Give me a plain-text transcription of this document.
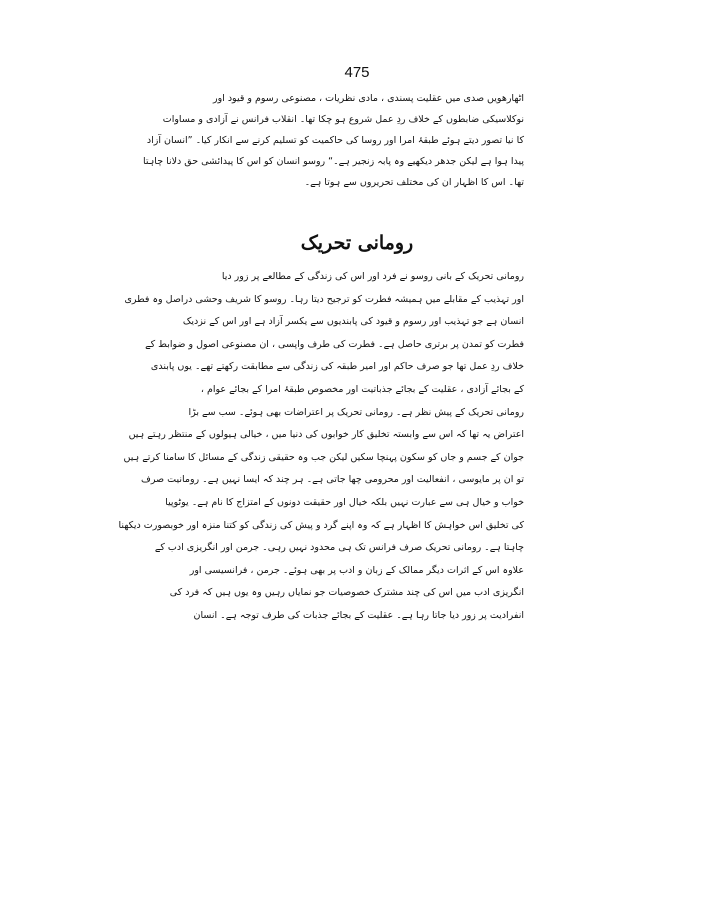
475
اٹھارھویں صدی میں عقلیت پسندی ، مادی نظریات ، مصنوعی رسوم و قیود اور
نوکلاسیکی ضابطوں کے خلاف ردِ عمل شروع ہو چکا تھا۔ انقلاب فرانس نے آزادی و مساوات
کا نیا تصور دیتے ہوئے طبقۂ امرا اور روسا کی حاکمیت کو تسلیم کرنے سے انکار کیا۔ ”انسان آزاد
پیدا ہوا ہے لیکن جدھر دیکھیے وہ پابہ زنجیر ہے۔“ روسو انسان کو اس کا پیدائشی حق دلانا چاہتا
تھا۔ اس کا اظہار ان کی مختلف تحریروں سے ہوتا ہے۔
رومانی تحریک
رومانی تحریک کے بانی روسو نے فرد اور اس کی زندگی کے مطالعے پر زور دیا
اور تہذیب کے مقابلے میں ہمیشہ فطرت کو ترجیح دیتا رہا۔ روسو کا شریف وحشی دراصل وہ فطری
انسان ہے جو تہذیب اور رسوم و قیود کی پابندیوں سے یکسر آزاد ہے اور اس کے نزدیک
فطرت کو تمدن پر برتری حاصل ہے۔ فطرت کی طرف واپسی ، ان مصنوعی اصول و ضوابط کے
خلاف ردِ عمل تھا جو صرف حاکم اور امیر طبقہ کی زندگی سے مطابقت رکھتے تھے۔ یوں پابندی
کے بجائے آزادی ، عقلیت کے بجائے جذباتیت اور مخصوص طبقۂ امرا کے بجائے عوام ،
رومانی تحریک کے پیش نظر ہے۔ رومانی تحریک پر اعتراضات بھی ہوئے۔ سب سے بڑا
اعتراض یہ تھا کہ اس سے وابستہ تخلیق کار خوابوں کی دنیا میں ، خیالی ہیولوں کے منتظر رہتے ہیں
جوان کے جسم و جاں کو سکون پہنچا سکیں لیکن جب وہ حقیقی زندگی کے مسائل کا سامنا کرتے ہیں
تو ان پر مایوسی ، انفعالیت اور محرومی چھا جاتی ہے۔ ہر چند کہ ایسا نہیں ہے۔ رومانیت صرف
خواب و خیال ہی سے عبارت نہیں بلکہ خیال اور حقیقت دونوں کے امتزاج کا نام ہے۔ یوٹوپیا
کی تخلیق اس خواہش کا اظہار ہے کہ وہ اپنے گرد و پیش کی زندگی کو کتنا منزہ اور خوبصورت دیکھنا
چاہتا ہے۔ رومانی تحریک صرف فرانس تک ہی محدود نہیں رہی۔ جرمن اور انگریزی ادب کے
علاوہ اس کے اثرات دیگر ممالک کے زبان و ادب پر بھی ہوئے۔ جرمن ، فرانسیسی اور
انگریزی ادب میں اس کی چند مشترک خصوصیات جو نمایاں رہیں وہ یوں ہیں کہ فرد کی
انفرادیت پر زور دیا جاتا رہا ہے۔ عقلیت کے بجائے جذبات کی طرف توجہ ہے۔ انسان
